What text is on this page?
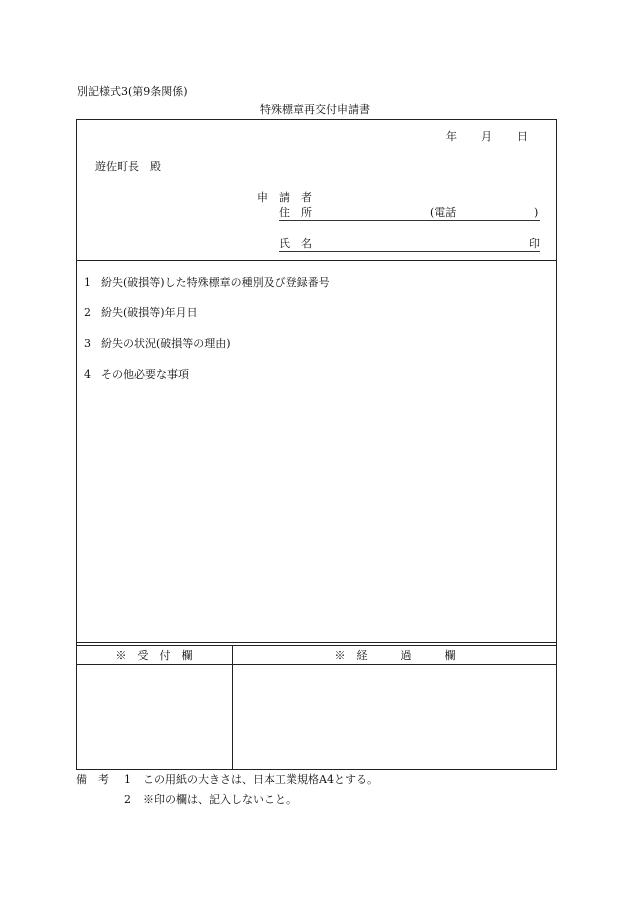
別記様式3(第9条関係)
特殊標章再交付申請書
年 月 日
遊佐町長　殿
申　請　者
住　所	(電話	)
氏　名	印
1 紛失(破損等)した特殊標章の種別及び登録番号
2 紛失(破損等)年月日
3 紛失の状況(破損等の理由)
4 その他必要な事項
※　受　付　欄	※　経　　　過　　　欄
備　考 1 この用紙の大きさは、日本工業規格A4とする。
2 ※印の欄は、記入しないこと。
